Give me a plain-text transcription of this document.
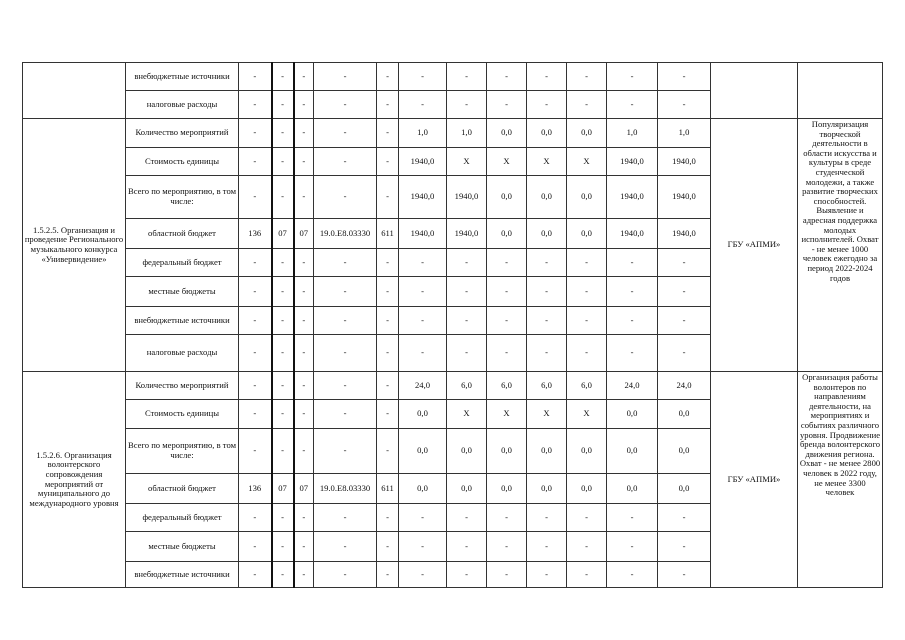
	внебюджетные источники	-	-	-	-	-	-	-	-	-	-	-	-		
	налоговые расходы	-	-	-	-	-	-	-	-	-	-	-	-		
1.5.2.5. Организация и проведение Регионального музыкального конкурса «Универвидение»	Количество мероприятий	-	-	-	-	-	1,0	1,0	0,0	0,0	0,0	1,0	1,0	ГБУ «АПМИ»	Популяризация творческой деятельности в области искусства и культуры в среде студенческой молодежи, а также развитие творческих способностей. Выявление и адресная поддержка молодых исполнителей. Охват - не менее 1000 человек ежегодно за период 2022-2024 годов
	Стоимость единицы	-	-	-	-	-	1940,0	Х	Х	Х	Х	1940,0	1940,0		
	Всего по мероприятию, в том числе:	-	-	-	-	-	1940,0	1940,0	0,0	0,0	0,0	1940,0	1940,0		
	областной бюджет	136	07	07	19.0.Е8.03330	611	1940,0	1940,0	0,0	0,0	0,0	1940,0	1940,0		
	федеральный бюджет	-	-	-	-	-	-	-	-	-	-	-	-		
	местные бюджеты	-	-	-	-	-	-	-	-	-	-	-	-		
	внебюджетные источники	-	-	-	-	-	-	-	-	-	-	-	-		
	налоговые расходы	-	-	-	-	-	-	-	-	-	-	-	-		
1.5.2.6. Организация волонтерского сопровождения мероприятий от муниципального до международного уровня	Количество мероприятий	-	-	-	-	-	24,0	6,0	6,0	6,0	6,0	24,0	24,0	ГБУ «АПМИ»	Организация работы волонтеров по направлениям деятельности, на мероприятиях и событиях различного уровня. Продвижение бренда волонтерского движения региона. Охват - не менее 2800 человек в 2022 году, не менее 3300 человек
	Стоимость единицы	-	-	-	-	-	0,0	Х	Х	Х	Х	0,0	0,0		
	Всего по мероприятию, в том числе:	-	-	-	-	-	0,0	0,0	0,0	0,0	0,0	0,0	0,0		
	областной бюджет	136	07	07	19.0.Е8.03330	611	0,0	0,0	0,0	0,0	0,0	0,0	0,0		
	федеральный бюджет	-	-	-	-	-	-	-	-	-	-	-	-		
	местные бюджеты	-	-	-	-	-	-	-	-	-	-	-	-		
	внебюджетные источники	-	-	-	-	-	-	-	-	-	-	-	-		
